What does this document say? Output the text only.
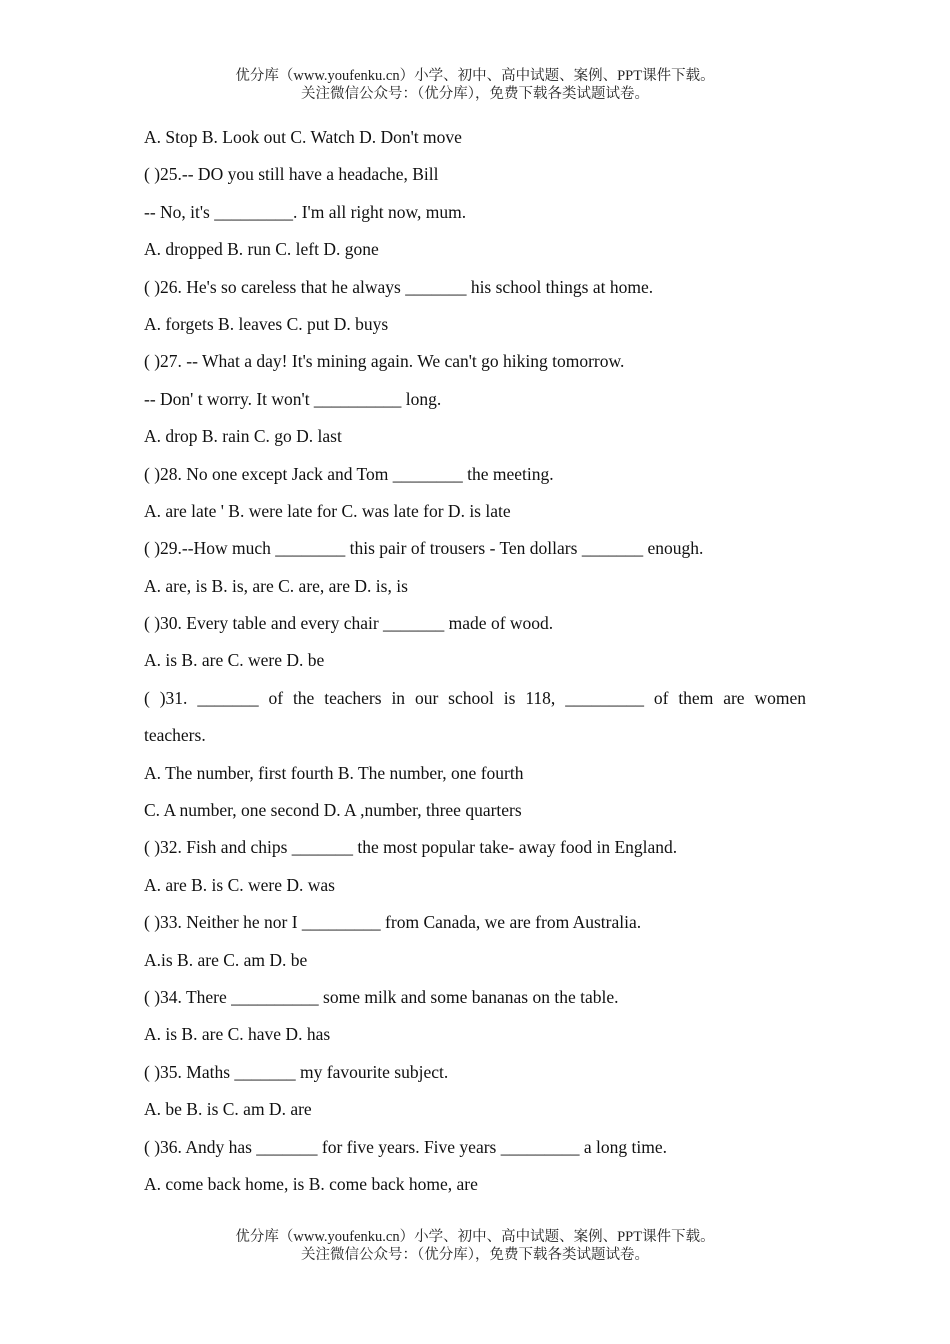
优分库（www.youfenku.cn）小学、初中、高中试题、案例、PPT课件下载。
关注微信公众号：（优分库），免费下载各类试题试卷。
A. Stop B. Look out C. Watch D. Don't move
( )25.-- DO you still have a headache, Bill
-- No, it's _________. I'm all right now, mum.
A. dropped B. run C. left D. gone
( )26. He's so careless that he always _______ his school things at home.
A. forgets B. leaves C. put D. buys
( )27. -- What a day! It's mining again. We can't go hiking tomorrow.
-- Don' t worry. It won't __________ long.
A. drop B. rain C. go D. last
( )28. No one except Jack and Tom ________ the meeting.
A. are late ' B. were late for C. was late for D. is late
( )29.--How much ________ this pair of trousers - Ten dollars _______ enough.
A. are, is B. is, are C. are, are D. is, is
( )30. Every table and every chair _______ made of wood.
A. is B. are C. were D. be
( )31. _______ of the teachers in our school is 118, _________ of them are women
teachers.
A. The number, first fourth B. The number, one fourth
C. A number, one second D. A ,number, three quarters
( )32. Fish and chips _______ the most popular take- away food in England.
A. are B. is C. were D. was
( )33. Neither he nor I _________ from Canada, we are from Australia.
A.is B. are C. am D. be
( )34. There __________ some milk and some bananas on the table.
A. is B. are C. have D. has
( )35. Maths _______ my favourite subject.
A. be B. is C. am D. are
( )36. Andy has _______ for five years. Five years _________ a long time.
A. come back home, is B. come back home, are
优分库（www.youfenku.cn）小学、初中、高中试题、案例、PPT课件下载。
关注微信公众号：（优分库），免费下载各类试题试卷。
